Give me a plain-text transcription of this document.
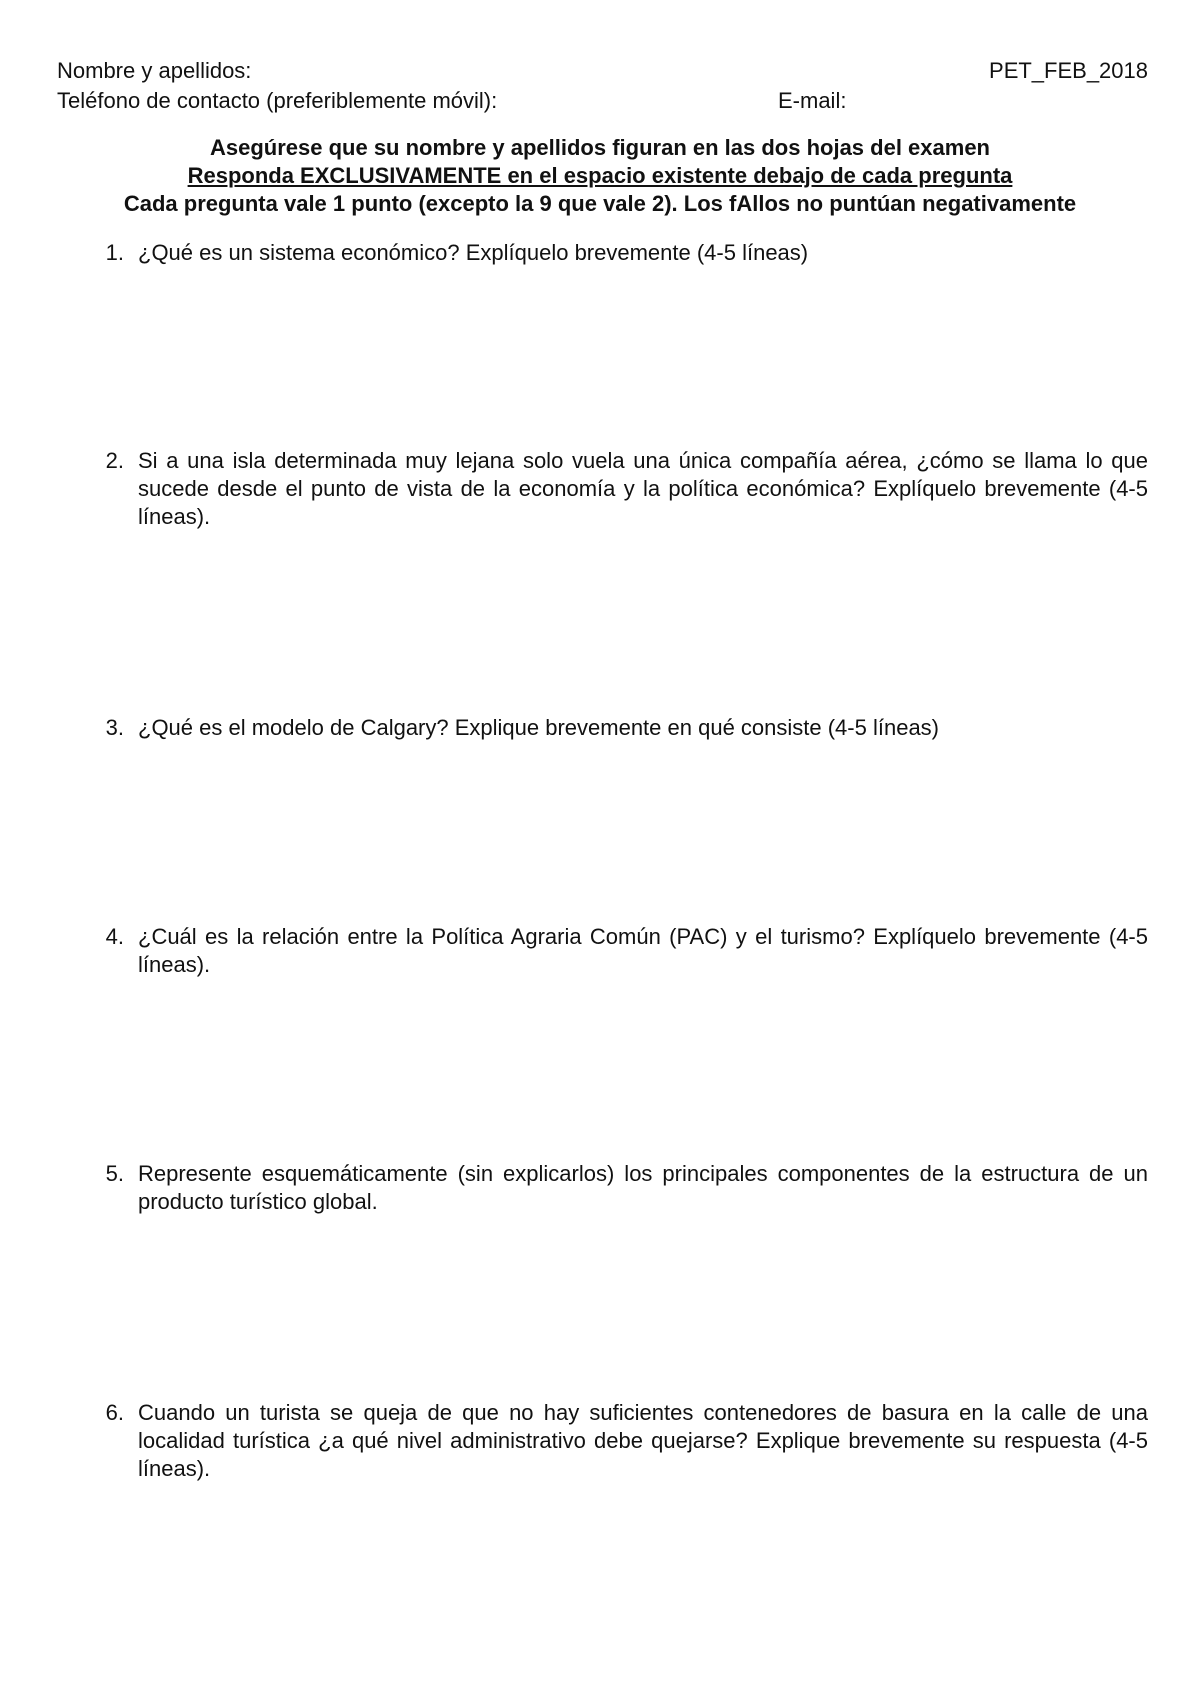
Nombre y apellidos:	PET_FEB_2018
Teléfono de contacto (preferiblemente móvil):	E-mail:
Asegúrese que su nombre y apellidos figuran en las dos hojas del examen
Responda EXCLUSIVAMENTE en el espacio existente debajo de cada pregunta
Cada pregunta vale 1 punto (excepto la 9 que vale 2). Los fAllos no puntúan negativamente
1. ¿Qué es un sistema económico? Explíquelo brevemente (4-5 líneas)
2. Si a una isla determinada muy lejana solo vuela una única compañía aérea, ¿cómo se llama lo que sucede desde el punto de vista de la economía y la política económica? Explíquelo brevemente (4-5 líneas).
3. ¿Qué es el modelo de Calgary? Explique brevemente en qué consiste (4-5 líneas)
4. ¿Cuál es la relación entre la Política Agraria Común (PAC) y el turismo? Explíquelo brevemente (4-5 líneas).
5. Represente esquemáticamente (sin explicarlos) los principales componentes de la estructura de un producto turístico global.
6. Cuando un turista se queja de que no hay suficientes contenedores de basura en la calle de una localidad turística ¿a qué nivel administrativo debe quejarse? Explique brevemente su respuesta (4-5 líneas).
